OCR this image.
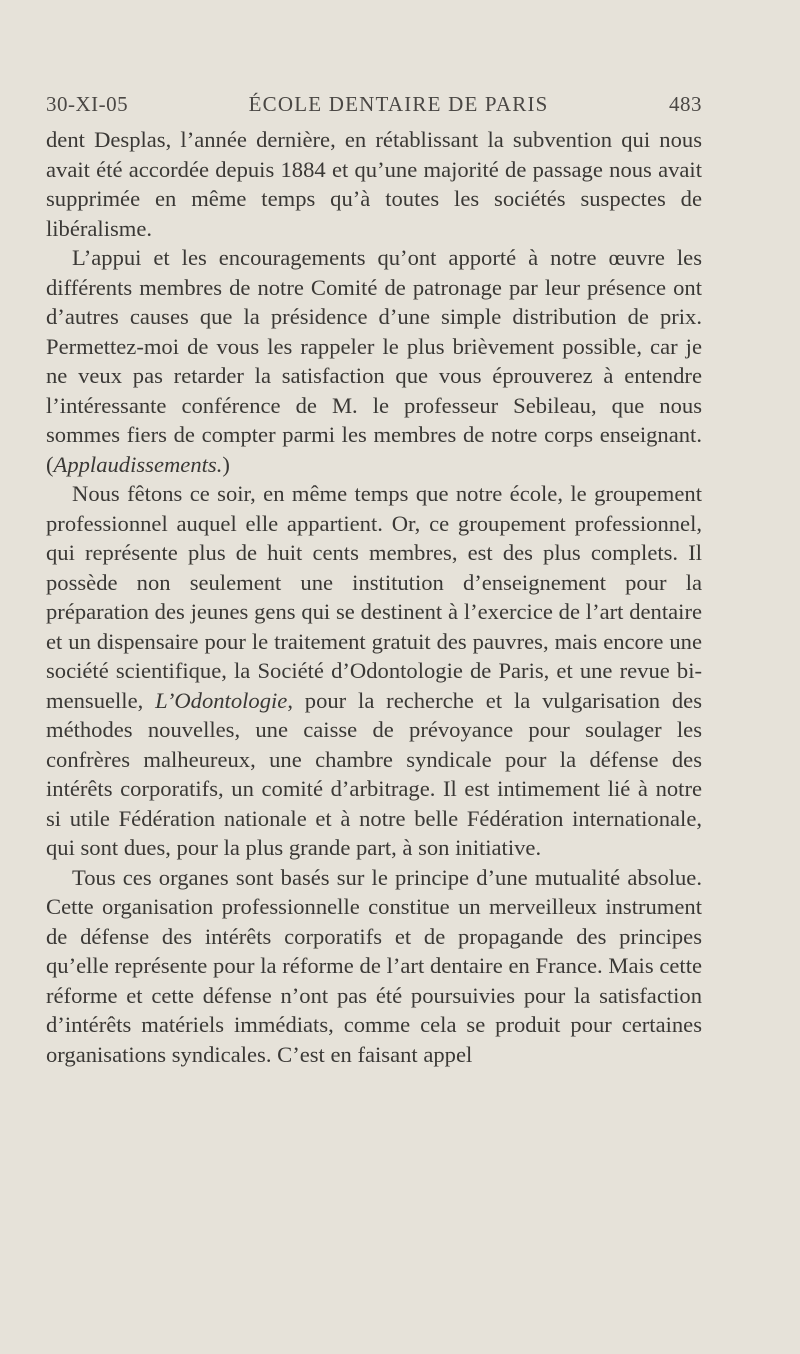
30-XI-05	ÉCOLE DENTAIRE DE PARIS	483

dent Desplas, l’année dernière, en rétablissant la subvention qui nous avait été accordée depuis 1884 et qu’une majorité de passage nous avait supprimée en même temps qu’à toutes les sociétés suspectes de libéralisme.

L’appui et les encouragements qu’ont apporté à notre œuvre les différents membres de notre Comité de patronage par leur présence ont d’autres causes que la présidence d’une simple distribution de prix. Permettez-moi de vous les rappeler le plus brièvement possible, car je ne veux pas retarder la satisfaction que vous éprouverez à entendre l’intéressante conférence de M. le professeur Sebileau, que nous sommes fiers de compter parmi les membres de notre corps enseignant. (Applaudissements.)

Nous fêtons ce soir, en même temps que notre école, le groupement professionnel auquel elle appartient. Or, ce groupement professionnel, qui représente plus de huit cents membres, est des plus complets. Il possède non seulement une institution d’enseignement pour la préparation des jeunes gens qui se destinent à l’exercice de l’art dentaire et un dispensaire pour le traitement gratuit des pauvres, mais encore une société scientifique, la Société d’Odontologie de Paris, et une revue bi-mensuelle, L’Odontologie, pour la recherche et la vulgarisation des méthodes nouvelles, une caisse de prévoyance pour soulager les confrères malheureux, une chambre syndicale pour la défense des intérêts corporatifs, un comité d’arbitrage. Il est intimement lié à notre si utile Fédération nationale et à notre belle Fédération internationale, qui sont dues, pour la plus grande part, à son initiative.

Tous ces organes sont basés sur le principe d’une mutualité absolue. Cette organisation professionnelle constitue un merveilleux instrument de défense des intérêts corporatifs et de propagande des principes qu’elle représente pour la réforme de l’art dentaire en France. Mais cette réforme et cette défense n’ont pas été poursuivies pour la satisfaction d’intérêts matériels immédiats, comme cela se produit pour certaines organisations syndicales. C’est en faisant appel
